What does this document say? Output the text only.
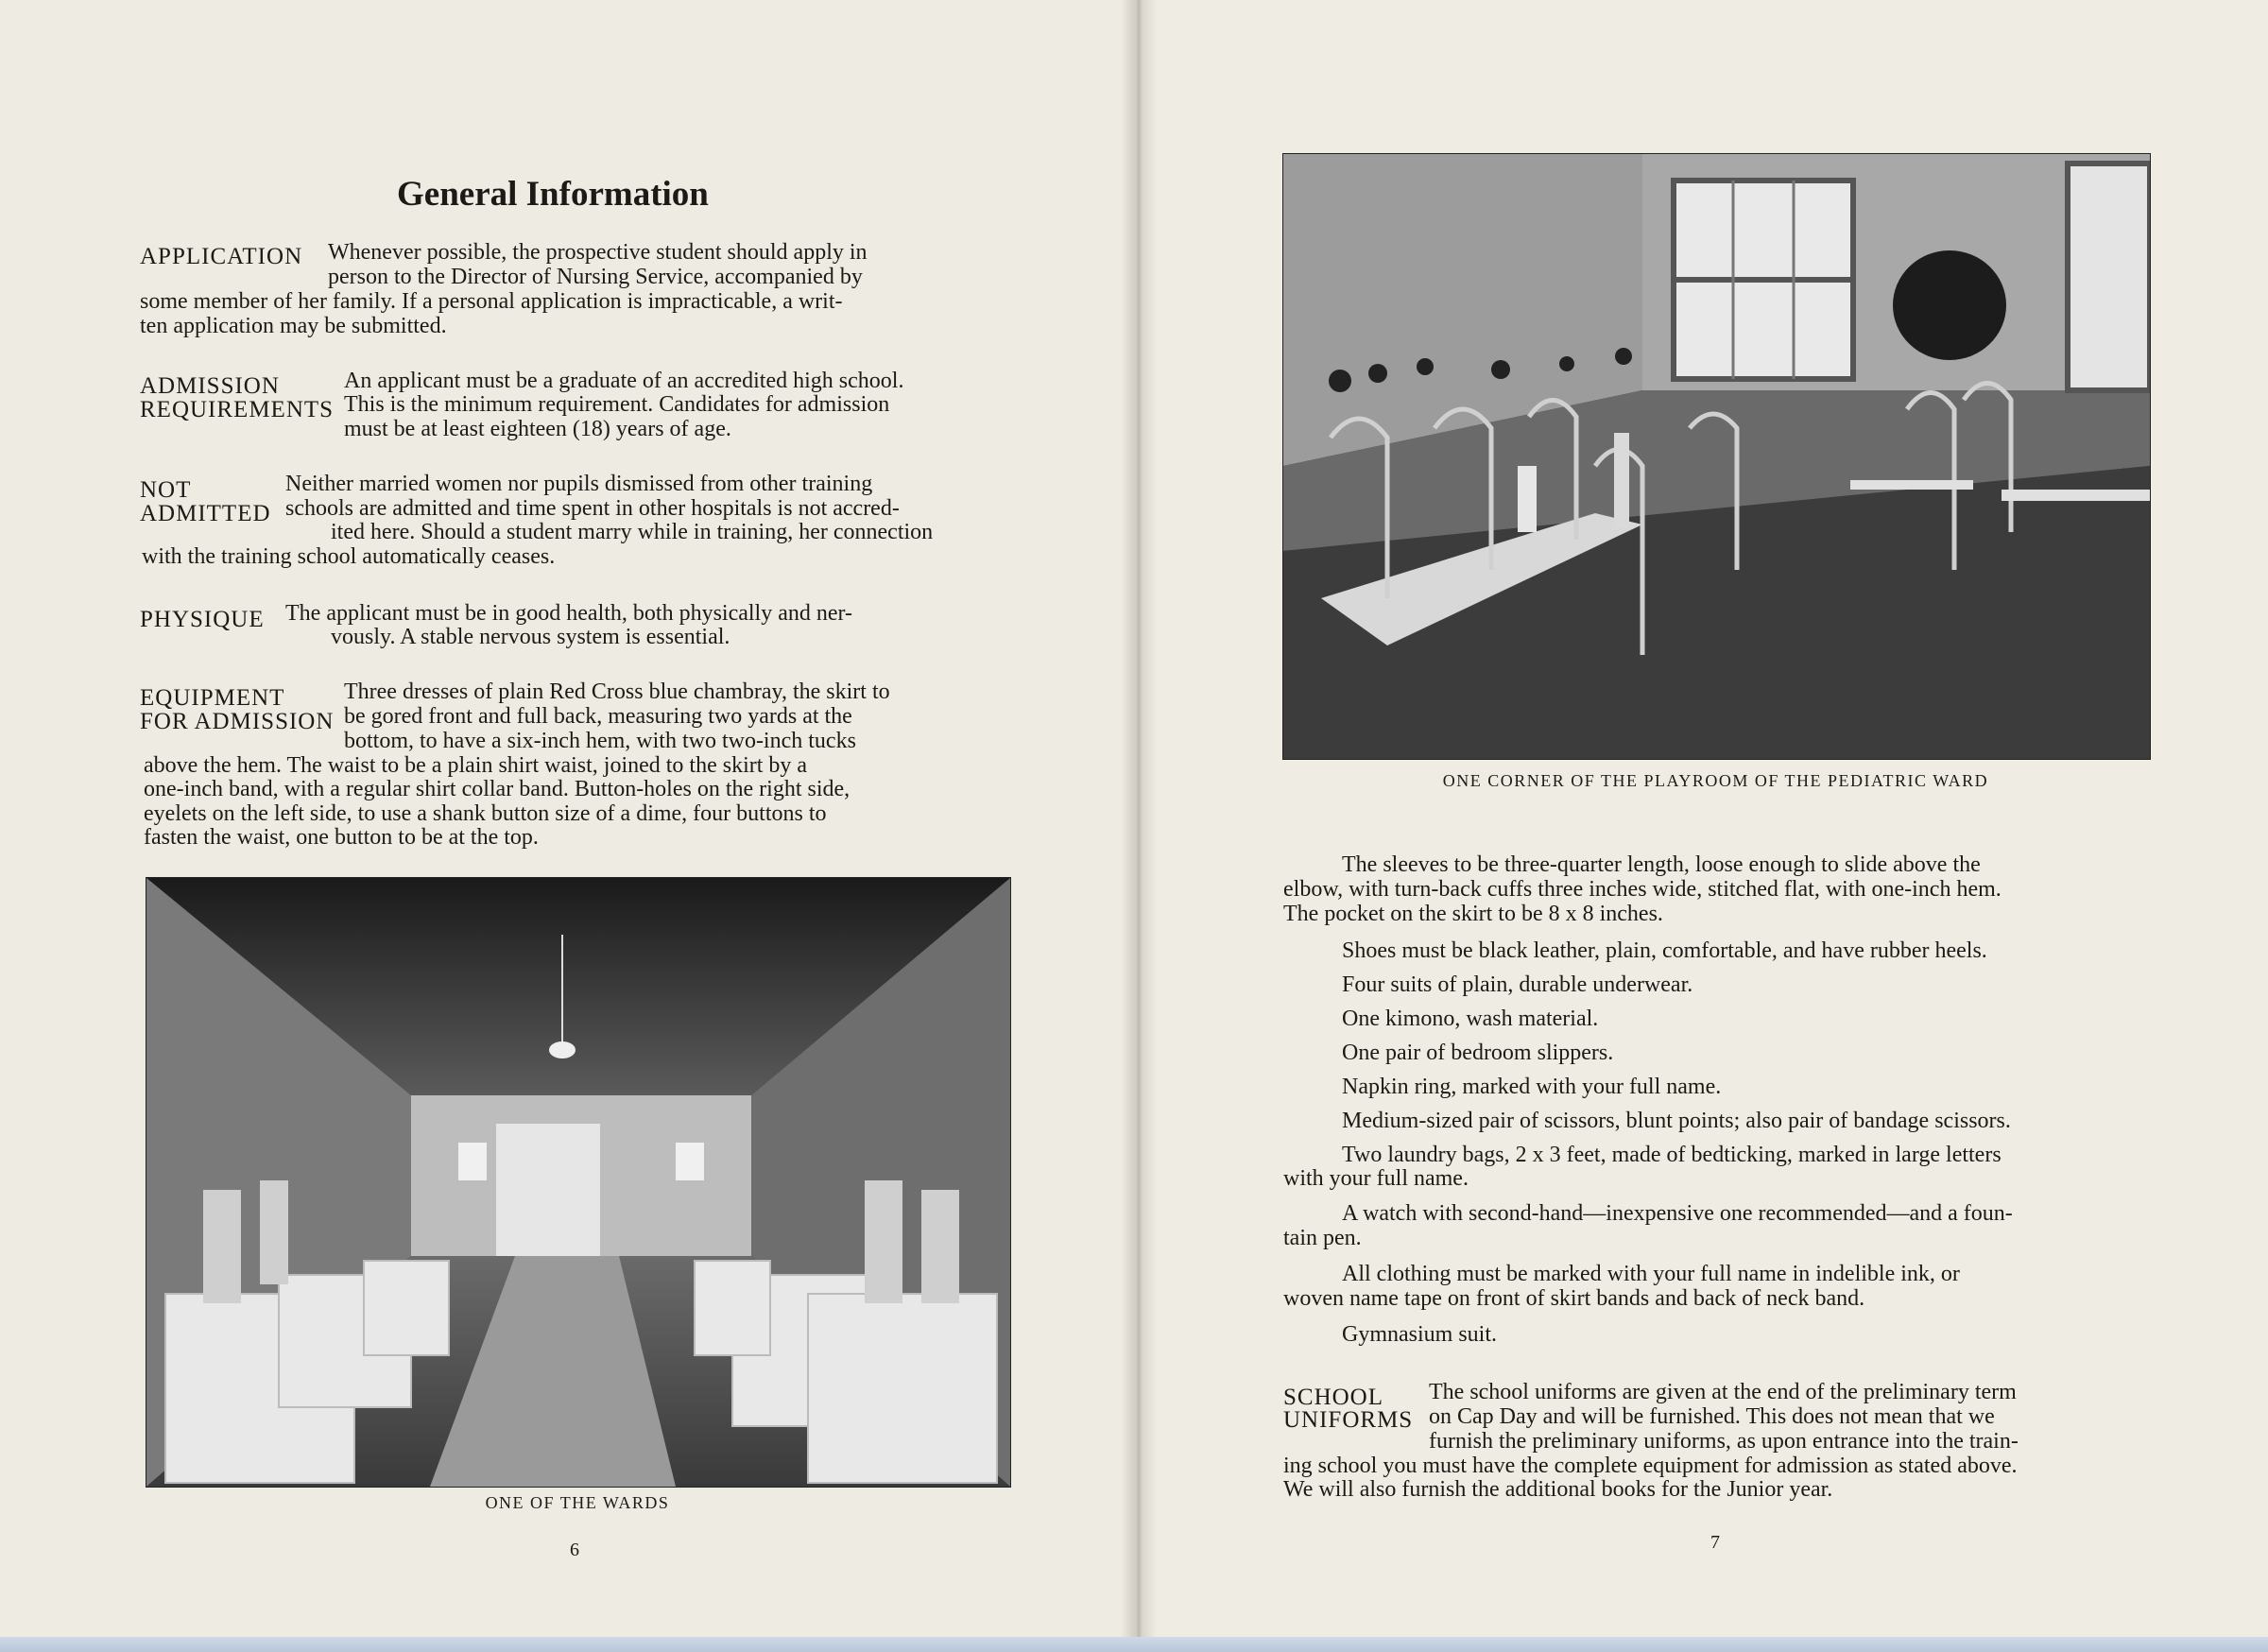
General Information
APPLICATION Whenever possible, the prospective student should apply in
person to the Director of Nursing Service, accompanied by
some member of her family. If a personal application is impracticable, a writ-
ten application may be submitted.
ADMISSION
REQUIREMENTS
An applicant must be a graduate of an accredited high school.
This is the minimum requirement. Candidates for admission
must be at least eighteen (18) years of age.
NOT
ADMITTED
Neither married women nor pupils dismissed from other training
schools are admitted and time spent in other hospitals is not accred-
ited here. Should a student marry while in training, her connection
with the training school automatically ceases.
PHYSIQUE The applicant must be in good health, both physically and ner-
vously. A stable nervous system is essential.
EQUIPMENT
FOR ADMISSION
Three dresses of plain Red Cross blue chambray, the skirt to
be gored front and full back, measuring two yards at the
bottom, to have a six-inch hem, with two two-inch tucks
above the hem. The waist to be a plain shirt waist, joined to the skirt by a
one-inch band, with a regular shirt collar band. Button-holes on the right side,
eyelets on the left side, to use a shank button size of a dime, four buttons to
fasten the waist, one button to be at the top.
ONE OF THE WARDS
6
ONE CORNER OF THE PLAYROOM OF THE PEDIATRIC WARD
The sleeves to be three-quarter length, loose enough to slide above the
elbow, with turn-back cuffs three inches wide, stitched flat, with one-inch hem.
The pocket on the skirt to be 8 x 8 inches.
Shoes must be black leather, plain, comfortable, and have rubber heels.
Four suits of plain, durable underwear.
One kimono, wash material.
One pair of bedroom slippers.
Napkin ring, marked with your full name.
Medium-sized pair of scissors, blunt points; also pair of bandage scissors.
Two laundry bags, 2 x 3 feet, made of bedticking, marked in large letters
with your full name.
A watch with second-hand—inexpensive one recommended—and a foun-
tain pen.
All clothing must be marked with your full name in indelible ink, or
woven name tape on front of skirt bands and back of neck band.
Gymnasium suit.
SCHOOL
UNIFORMS
The school uniforms are given at the end of the preliminary term
on Cap Day and will be furnished. This does not mean that we
furnish the preliminary uniforms, as upon entrance into the train-
ing school you must have the complete equipment for admission as stated above.
We will also furnish the additional books for the Junior year.
7
